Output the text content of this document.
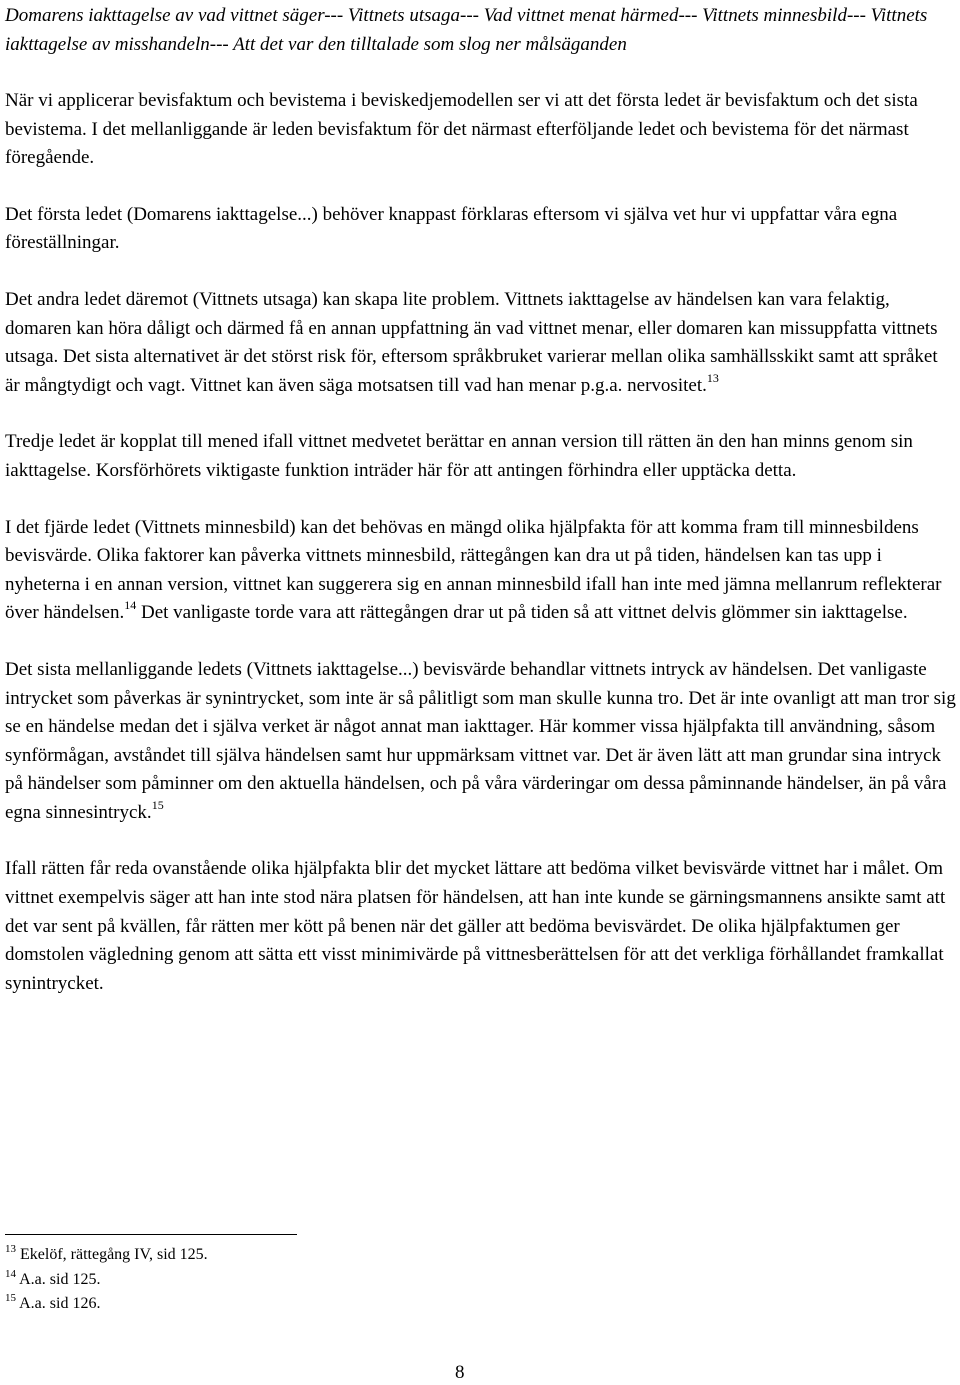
Domarens iakttagelse av vad vittnet säger--- Vittnets utsaga--- Vad vittnet menat härmed--- Vittnets minnesbild--- Vittnets iakttagelse av misshandeln--- Att det var den tilltalade som slog ner målsäganden

När vi applicerar bevisfaktum och bevistema i beviskedjemodellen ser vi att det första ledet är bevisfaktum och det sista bevistema. I det mellanliggande är leden bevisfaktum för det närmast efterföljande ledet och bevistema för det närmast föregående.

Det första ledet (Domarens iakttagelse...) behöver knappast förklaras eftersom vi själva vet hur vi uppfattar våra egna föreställningar.

Det andra ledet däremot (Vittnets utsaga) kan skapa lite problem. Vittnets iakttagelse av händelsen kan vara felaktig, domaren kan höra dåligt och därmed få en annan uppfattning än vad vittnet menar, eller domaren kan missuppfatta vittnets utsaga. Det sista alternativet är det störst risk för, eftersom språkbruket varierar mellan olika samhällsskikt samt att språket är mångtydigt och vagt. Vittnet kan även säga motsatsen till vad han menar p.g.a. nervositet.$^{13}$

Tredje ledet är kopplat till mened ifall vittnet medvetet berättar en annan version till rätten än den han minns genom sin iakttagelse. Korsförhörets viktigaste funktion inträder här för att antingen förhindra eller upptäcka detta.

I det fjärde ledet (Vittnets minnesbild) kan det behövas en mängd olika hjälpfakta för att komma fram till minnesbildens bevisvärde. Olika faktorer kan påverka vittnets minnesbild, rättegången kan dra ut på tiden, händelsen kan tas upp i nyheterna i en annan version, vittnet kan suggerera sig en annan minnesbild ifall han inte med jämna mellanrum reflekterar över händelsen.$^{14}$ Det vanligaste torde vara att rättegången drar ut på tiden så att vittnet delvis glömmer sin iakttagelse.

Det sista mellanliggande ledets (Vittnets iakttagelse...) bevisvärde behandlar vittnets intryck av händelsen. Det vanligaste intrycket som påverkas är synintrycket, som inte är så pålitligt som man skulle kunna tro. Det är inte ovanligt att man tror sig se en händelse medan det i själva verket är något annat man iakttager. Här kommer vissa hjälpfakta till användning, såsom synförmågan, avståndet till själva händelsen samt hur uppmärksam vittnet var. Det är även lätt att man grundar sina intryck på händelser som påminner om den aktuella händelsen, och på våra värderingar om dessa påminnande händelser, än på våra egna sinnesintryck.$^{15}$

Ifall rätten får reda ovanstående olika hjälpfakta blir det mycket lättare att bedöma vilket bevisvärde vittnet har i målet. Om vittnet exempelvis säger att han inte stod nära platsen för händelsen, att han inte kunde se gärningsmannens ansikte samt att det var sent på kvällen, får rätten mer kött på benen när det gäller att bedöma bevisvärdet. De olika hjälpfaktumen ger domstolen vägledning genom att sätta ett visst minimivärde på vittnesberättelsen för att det verkliga förhållandet framkallat synintrycket.

$^{13}$ Ekelöf, rättegång IV, sid 125.
$^{14}$ A.a. sid 125.
$^{15}$ A.a. sid 126.
8
